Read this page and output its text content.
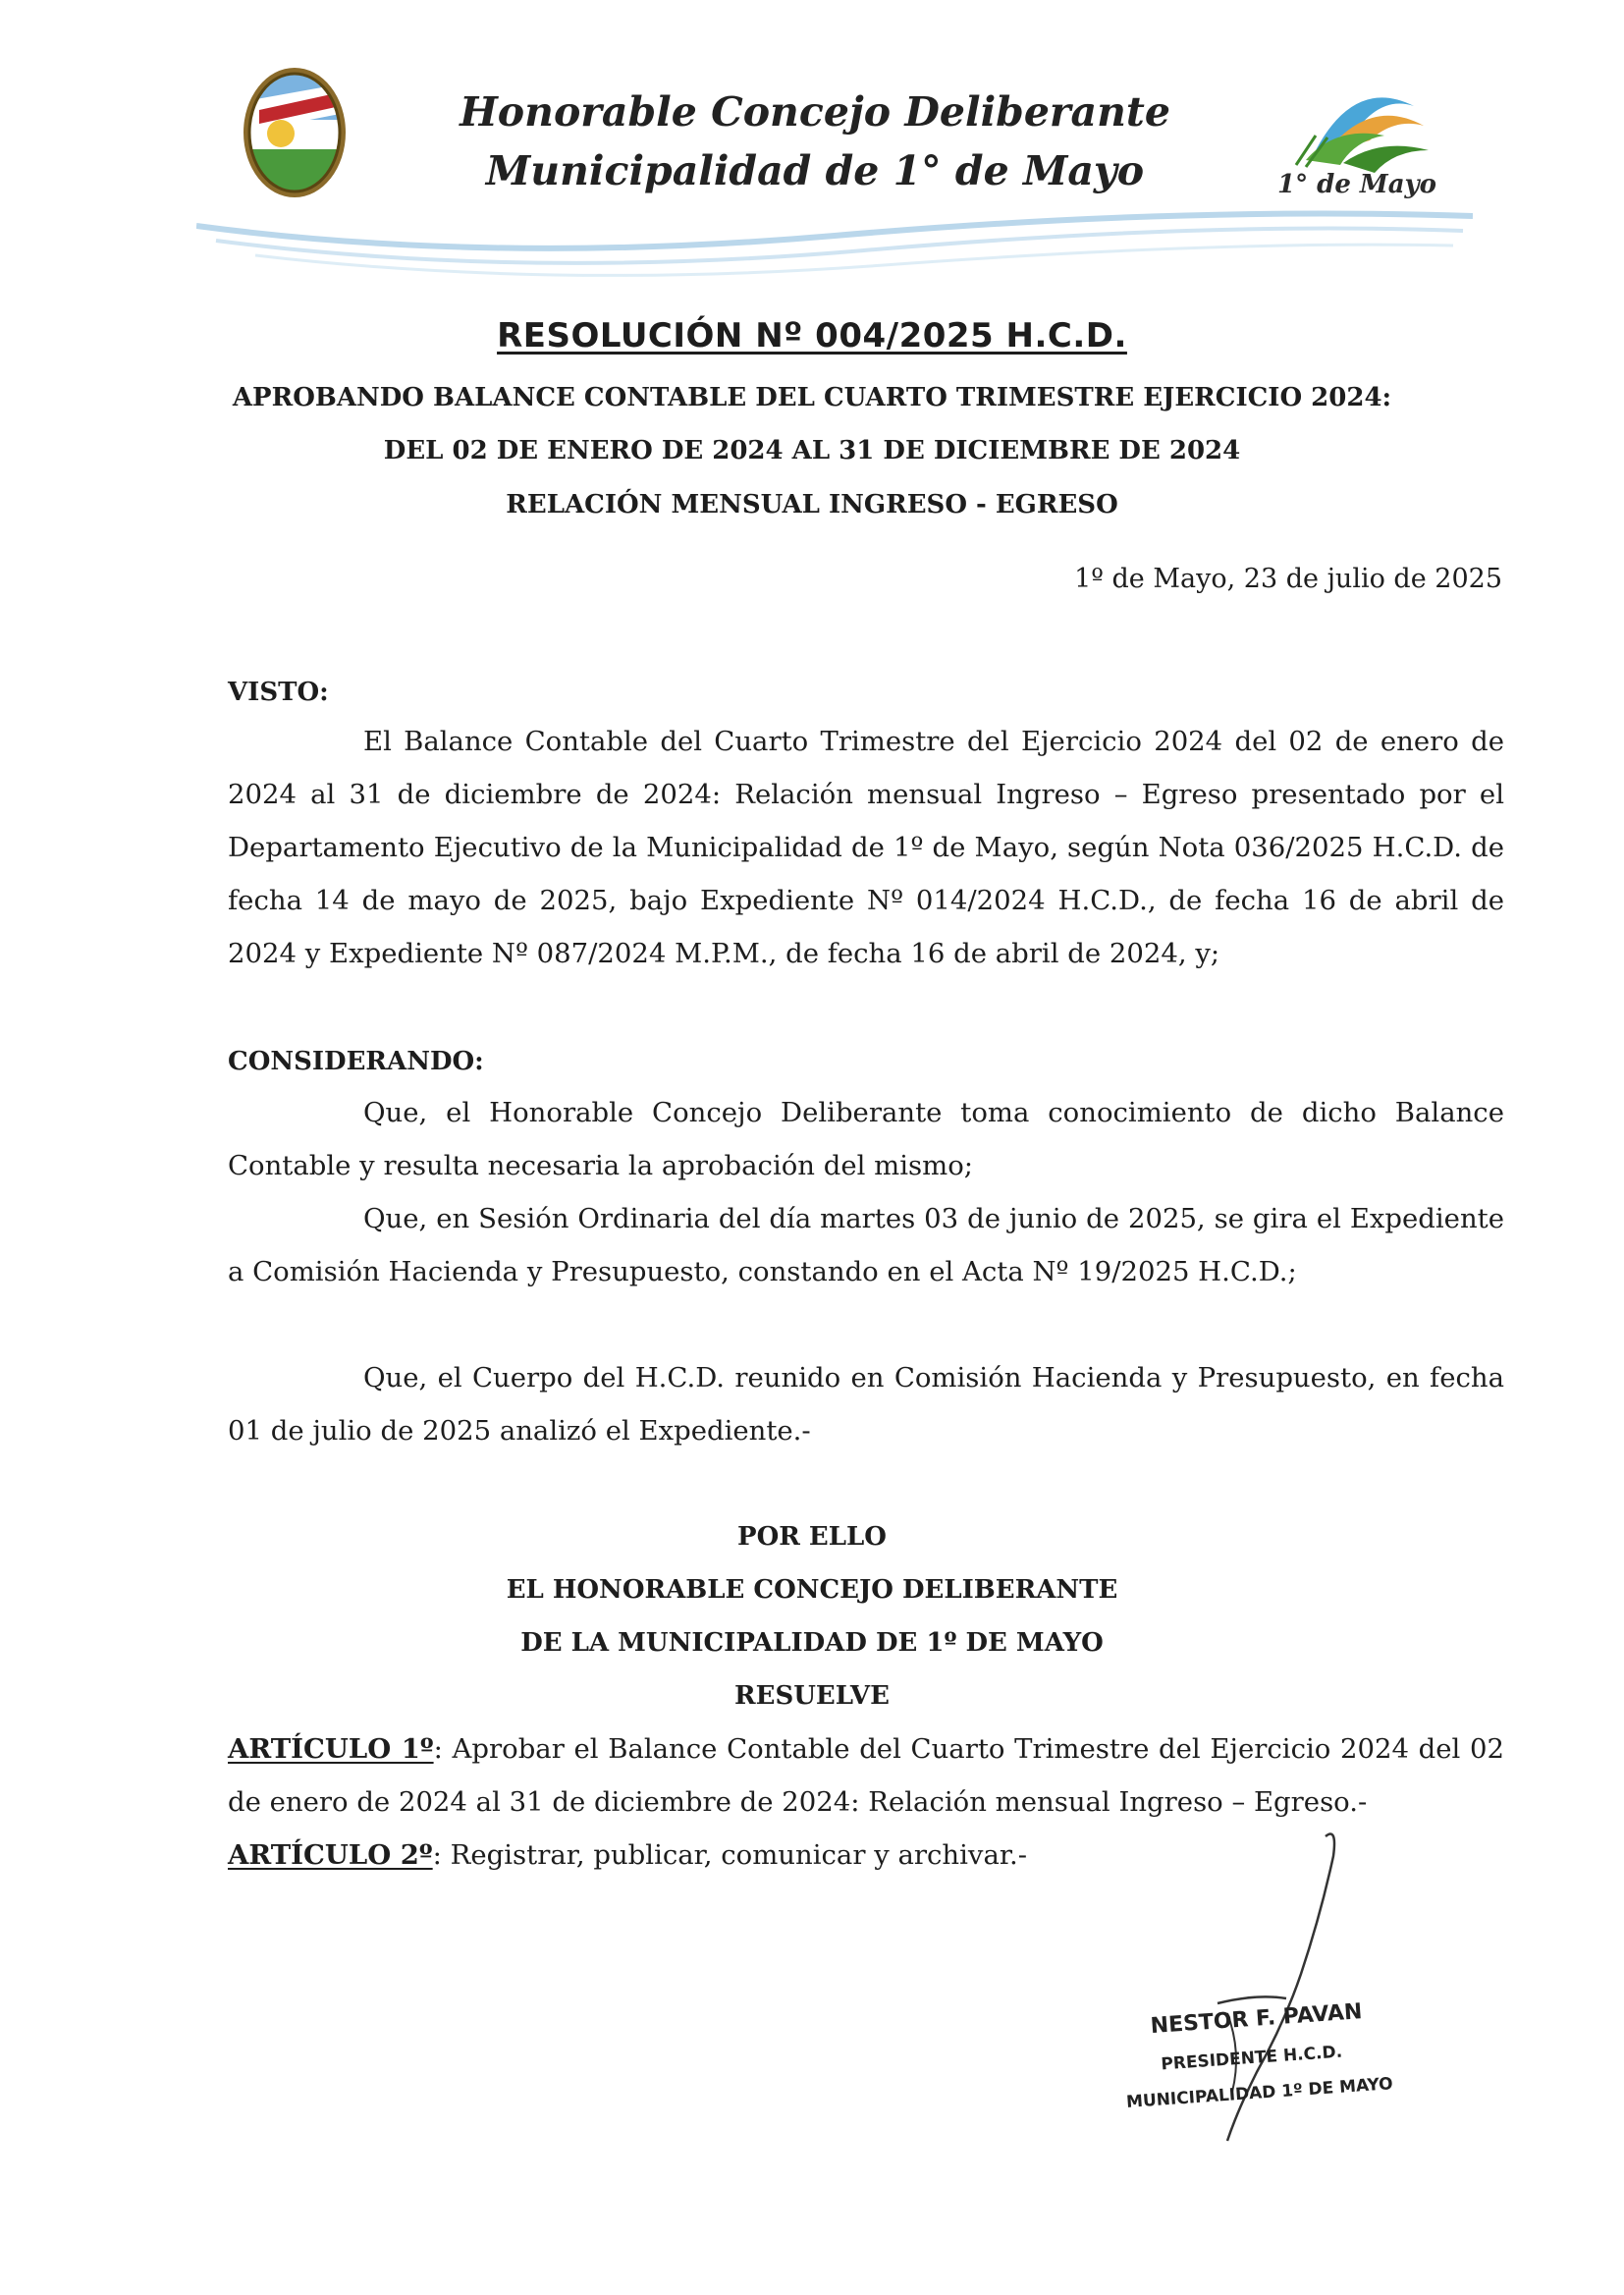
Honorable Concejo Deliberante
Municipalidad de 1° de Mayo	1° de Mayo
RESOLUCIÓN Nº 004/2025 H.C.D.
APROBANDO BALANCE CONTABLE DEL CUARTO TRIMESTRE EJERCICIO 2024:
DEL 02 DE ENERO DE 2024 AL 31 DE DICIEMBRE DE 2024
RELACIÓN MENSUAL INGRESO - EGRESO
1º de Mayo, 23 de julio de 2025
VISTO:

El Balance Contable del Cuarto Trimestre del Ejercicio 2024 del 02 de enero de 2024 al 31 de diciembre de 2024: Relación mensual Ingreso – Egreso presentado por el Departamento Ejecutivo de la Municipalidad de 1º de Mayo, según Nota 036/2025 H.C.D. de fecha 14 de mayo de 2025, bajo Expediente Nº 014/2024 H.C.D., de fecha 16 de abril de 2024 y Expediente Nº 087/2024 M.P.M., de fecha 16 de abril de 2024, y;

CONSIDERANDO:

Que, el Honorable Concejo Deliberante toma conocimiento de dicho Balance Contable y resulta necesaria la aprobación del mismo;

Que, en Sesión Ordinaria del día martes 03 de junio de 2025, se gira el Expediente a Comisión Hacienda y Presupuesto, constando en el Acta Nº 19/2025 H.C.D.;

Que, el Cuerpo del H.C.D. reunido en Comisión Hacienda y Presupuesto, en fecha 01 de julio de 2025 analizó el Expediente.-

POR ELLO
EL HONORABLE CONCEJO DELIBERANTE
DE LA MUNICIPALIDAD DE 1º DE MAYO
RESUELVE

ARTÍCULO 1º: Aprobar el Balance Contable del Cuarto Trimestre del Ejercicio 2024 del 02 de enero de 2024 al 31 de diciembre de 2024: Relación mensual Ingreso – Egreso.-

ARTÍCULO 2º: Registrar, publicar, comunicar y archivar.-

NESTOR F. PAVAN
PRESIDENTE H.C.D.
MUNICIPALIDAD 1º DE MAYO
